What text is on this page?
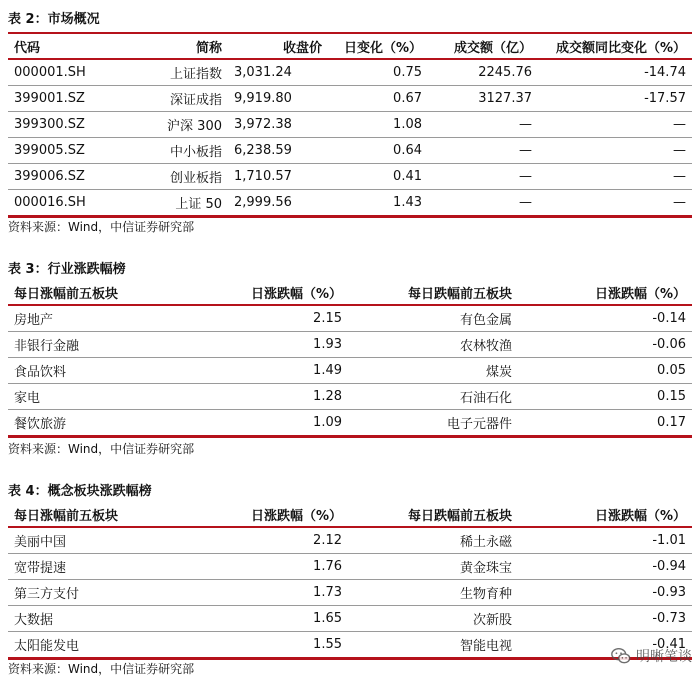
表 2：市场概况
代码	简称	收盘价	日变化（%）	成交额（亿）	成交额同比变化（%）
000001.SH	上证指数	3,031.24	0.75	2245.76	-14.74
399001.SZ	深证成指	9,919.80	0.67	3127.37	-17.57
399300.SZ	沪深 300	3,972.38	1.08	—	—
399005.SZ	中小板指	6,238.59	0.64	—	—
399006.SZ	创业板指	1,710.57	0.41	—	—
000016.SH	上证 50	2,999.56	1.43	—	—
资料来源：Wind，中信证券研究部
表 3：行业涨跌幅榜
每日涨幅前五板块	日涨跌幅（%）	每日跌幅前五板块	日涨跌幅（%）
房地产	2.15	有色金属	-0.14
非银行金融	1.93	农林牧渔	-0.06
食品饮料	1.49	煤炭	0.05
家电	1.28	石油石化	0.15
餐饮旅游	1.09	电子元器件	0.17
资料来源：Wind，中信证券研究部
表 4：概念板块涨跌幅榜
每日涨幅前五板块	日涨跌幅（%）	每日跌幅前五板块	日涨跌幅（%）
美丽中国	2.12	稀土永磁	-1.01
宽带提速	1.76	黄金珠宝	-0.94
第三方支付	1.73	生物育种	-0.93
大数据	1.65	次新股	-0.73
太阳能发电	1.55	智能电视	-0.41
资料来源：Wind，中信证券研究部
明晰笔谈
